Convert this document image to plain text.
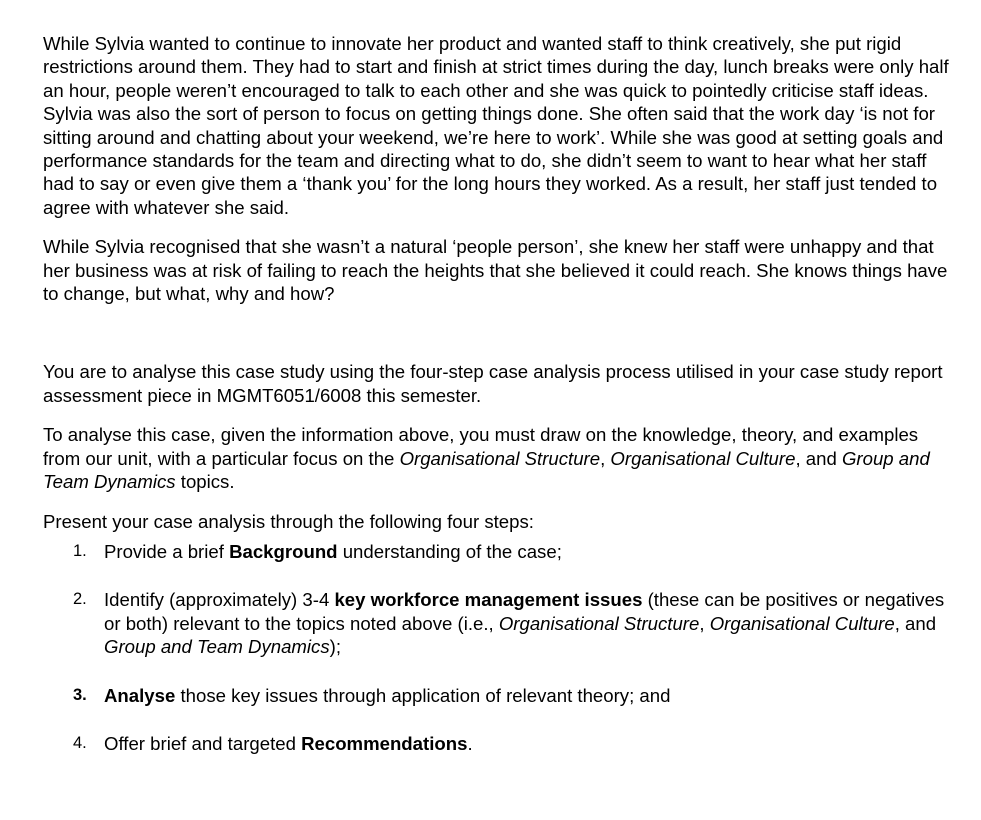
While Sylvia wanted to continue to innovate her product and wanted staff to think creatively, she put rigid restrictions around them. They had to start and finish at strict times during the day, lunch breaks were only half an hour, people weren’t encouraged to talk to each other and she was quick to pointedly criticise staff ideas. Sylvia was also the sort of person to focus on getting things done. She often said that the work day ‘is not for sitting around and chatting about your weekend, we’re here to work’. While she was good at setting goals and performance standards for the team and directing what to do, she didn’t seem to want to hear what her staff had to say or even give them a ‘thank you’ for the long hours they worked. As a result, her staff just tended to agree with whatever she said.

While Sylvia recognised that she wasn’t a natural ‘people person’, she knew her staff were unhappy and that her business was at risk of failing to reach the heights that she believed it could reach. She knows things have to change, but what, why and how?

You are to analyse this case study using the four-step case analysis process utilised in your case study report assessment piece in MGMT6051/6008 this semester.

To analyse this case, given the information above, you must draw on the knowledge, theory, and examples from our unit, with a particular focus on the Organisational Structure, Organisational Culture, and Group and Team Dynamics topics.

Present your case analysis through the following four steps:

1. Provide a brief Background understanding of the case;
2. Identify (approximately) 3-4 key workforce management issues (these can be positives or negatives or both) relevant to the topics noted above (i.e., Organisational Structure, Organisational Culture, and Group and Team Dynamics);
3. Analyse those key issues through application of relevant theory; and
4. Offer brief and targeted Recommendations.
